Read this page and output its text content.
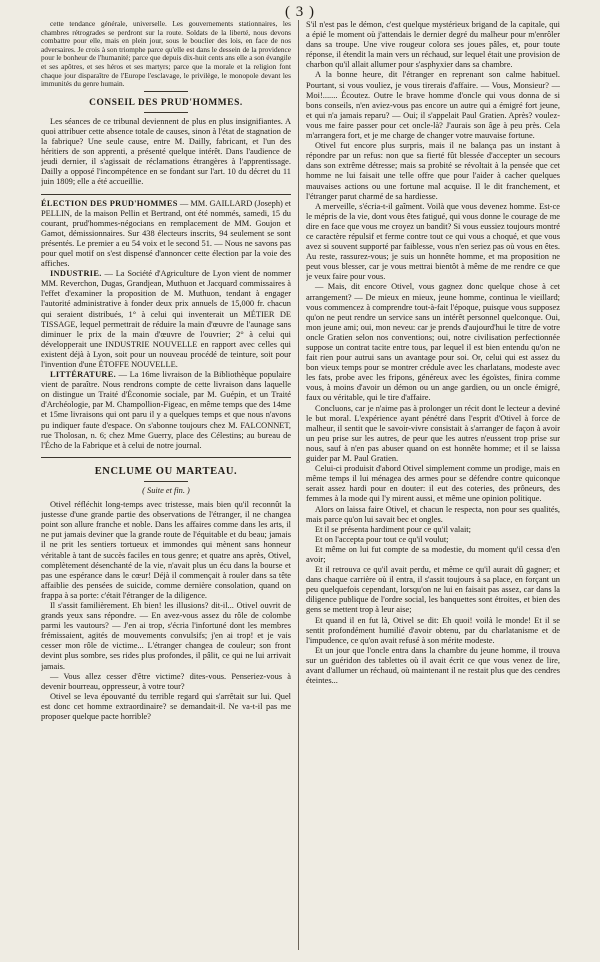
( 3 )

cette tendance générale, universelle. Les gouvernements stationnaires, les chambres rétrogrades se perdront sur la route. Soldats de la liberté, nous devons combattre pour elle, mais en plein jour, sous le bouclier des lois, en face de nos adversaires. Je crois à son triomphe parce qu'elle est dans le dessein de la providence pour le bonheur de l'humanité; parce que depuis dix-huit cents ans elle a son évangile et ses apôtres, et ses héros et ses martyrs; parce que la morale et la religion font chaque jour disparaître de l'Europe l'esclavage, le privilège, le monopole devant les immunités du genre humain.

CONSEIL DES PRUD'HOMMES.

Les séances de ce tribunal deviennent de plus en plus insignifiantes. A quoi attribuer cette absence totale de causes, sinon à l'état de stagnation de la fabrique? Une seule cause, entre M. Dailly, fabricant, et l'un des héritiers de son apprenti, a présenté quelque intérêt. Dans l'audience de jeudi dernier, il s'agissait de réclamations étrangères à l'apprentissage. Dailly a opposé l'incompétence en se fondant sur l'art. 10 du décret du 11 juin 1809; elle a été accueillie.

ÉLECTION DES PRUD'HOMMES — MM. GAILLARD (Joseph) et PELLIN, de la maison Pellin et Bertrand, ont été nommés, samedi, 15 du courant, prud'hommes-négocians en remplacement de MM. Goujon et Gamot, démissionnaires. Sur 438 électeurs inscrits, 94 seulement se sont présentés. Le premier a eu 54 voix et le second 51. — Nous ne savons pas pour quel motif on s'est dispensé d'annoncer cette élection par la voie des affiches.

INDUSTRIE. — La Société d'Agriculture de Lyon vient de nommer MM. Reverchon, Dugas, Grandjean, Muthuon et Jacquard commissaires à l'effet d'examiner la proposition de M. Muthuon, tendant à engager l'autorité administrative à fonder deux prix annuels de 15,000 fr. chacun qui seraient distribués, 1° à celui qui inventerait un MÉTIER DE TISSAGE, lequel permettrait de réduire la main d'œuvre de l'aunage sans diminuer le prix de la main d'œuvre de l'ouvrier; 2° à celui qui développerait une INDUSTRIE NOUVELLE en rapport avec celles qui existent déjà à Lyon, soit pour un nouveau procédé de teinture, soit pour l'invention d'une ÉTOFFE NOUVELLE.

LITTÉRATURE. — La 16me livraison de la Bibliothèque populaire vient de paraître. Nous rendrons compte de cette livraison dans laquelle on distingue un Traité d'Économie sociale, par M. Guépin, et un Traité d'Archéologie, par M. Champollion-Figeac, en même temps que des 14me et 15me livraisons qui ont paru il y a quelques temps et que nous n'avons pu indiquer faute d'espace. On s'abonne toujours chez M. FALCONNET, rue Tholosan, n. 6; chez Mme Guerry, place des Célestins; au bureau de l'Écho de la Fabrique et à celui de notre journal.

ENCLUME OU MARTEAU.
( Suite et fin. )

Otivel réfléchit long-temps avec tristesse, mais bien qu'il reconnût la justesse d'une grande partie des observations de l'étranger, il ne changea point son allure franche et noble. Dans les affaires comme dans les arts, il ne put jamais deviner que la grande route de l'équitable et du beau; jamais il ne prit les sentiers tortueux et immondes qui mènent sans honneur véritable à tant de succès faciles en tous genre; et quatre ans après, Otivel, complètement désenchanté de la vie, n'avait plus un écu dans la bourse et pas une espérance dans le cœur! Déjà il commençait à rouler dans sa tête affaiblie des pensées de suicide, comme dernière consolation, quand on frappa à sa porte: c'était l'étranger de la diligence.

Il s'assit familièrement. Eh bien! les illusions? dit-il... Otivel ouvrit de grands yeux sans répondre. — En avez-vous assez du rôle de colombe parmi les vautours? — J'en ai trop, s'écria l'infortuné dont les membres frémissaient, agités de mouvements convulsifs; j'en ai trop! et je vais cesser mon rôle de victime... L'étranger changea de couleur; son front devint plus sombre, ses rides plus profondes, il pâlit, ce qui ne lui arrivait jamais.

— Vous allez cesser d'être victime? dites-vous. Penseriez-vous à devenir bourreau, oppresseur, à votre tour?

Otivel se leva épouvanté du terrible regard qui s'arrêtait sur lui. Quel est donc cet homme extraordinaire? se demandait-il. Ne va-t-il pas me proposer quelque pacte horrible?

S'il n'est pas le démon, c'est quelque mystérieux brigand de la capitale, qui a épié le moment où j'attendais le dernier degré du malheur pour m'enrôler dans sa troupe. Une vive rougeur colora ses joues pâles, et, pour toute réponse, il étendit la main vers un réchaud, sur lequel était une provision de charbon qu'il allait allumer pour s'asphyxier dans sa chambre.

A la bonne heure, dit l'étranger en reprenant son calme habituel. Pourtant, si vous vouliez, je vous tirerais d'affaire. — Vous, Monsieur? — Moi!....... Écoutez. Outre le brave homme d'oncle qui vous donna de si bons conseils, n'en aviez-vous pas encore un autre qui a émigré fort jeune, et qui n'a jamais reparu? — Oui; il s'appelait Paul Gratien. Après? voulez-vous me faire passer pour cet oncle-là? J'aurais son âge à peu près. Cela m'arrangera fort, et je me charge de changer votre mauvaise fortune.

Otivel fut encore plus surpris, mais il ne balança pas un instant à répondre par un refus: non que sa fierté fût blessée d'accepter un secours dans son extrême détresse; mais sa probité se révoltait à la pensée que cet homme ne lui faisait une telle offre que pour l'aider à cacher quelques mauvaises actions ou une fortune mal acquise. Il le dit franchement, et l'étranger parut charmé de sa hardiesse.

A merveille, s'écria-t-il gaîment. Voilà que vous devenez homme. Est-ce le mépris de la vie, dont vous êtes fatigué, qui vous donne le courage de me dire en face que vous me croyez un bandit? Si vous eussiez toujours montré ce caractère répulsif et ferme contre tout ce qui vous a choqué, et que vous avez si souvent supporté par faiblesse, vous n'en seriez pas où vous en êtes. Au reste, rassurez-vous; je suis un honnête homme, et ma proposition ne peut vous blesser, car je vous mettrai bientôt à même de me rendre ce que je veux faire pour vous.

— Mais, dit encore Otivel, vous gagnez donc quelque chose à cet arrangement? — De mieux en mieux, jeune homme, continua le vieillard; vous commencez à comprendre tout-à-fait l'époque, puisque vous supposez qu'on ne peut rendre un service sans un intérêt personnel quelconque. Oui, mon jeune ami; oui, mon neveu: car je prends d'aujourd'hui le titre de votre oncle Gratien selon nos conventions; oui, notre civilisation perfectionnée suppose un contrat tacite entre tous, par lequel il est bien entendu qu'on ne fait rien pour autrui sans un avantage pour soi. Or, celui qui est assez du bon vieux temps pour se montrer crédule avec les charlatans, modeste avec les fats, probe avec les fripons, généreux avec les égoïstes, finira comme vous, à moins d'avoir un démon ou un ange gardien, ou un oncle émigré, faux ou véritable, qui le tire d'affaire.

Concluons, car je n'aime pas à prolonger un récit dont le lecteur a deviné le but moral. L'expérience ayant pénétré dans l'esprit d'Otivel à force de malheur, il sentit que le savoir-vivre consistait à s'arranger de façon à avoir un peu prise sur les autres, de peur que les autres n'eussent trop prise sur nous, sauf à n'en pas abuser quand on est honnête homme; et il se laissa guider par M. Paul Gratien.

Celui-ci produisit d'abord Otivel simplement comme un prodige, mais en même temps il lui ménagea des armes pour se défendre contre quiconque serait assez hardi pour en douter: il eut des coteries, des prôneurs, des femmes à la mode qui l'y mirent aussi, et même une opinion politique.

Alors on laissa faire Otivel, et chacun le respecta, non pour ses qualités, mais parce qu'on lui savait bec et ongles.

Et il se présenta hardiment pour ce qu'il valait;

Et on l'accepta pour tout ce qu'il voulut;

Et même on lui fut compte de sa modestie, du moment qu'il cessa d'en avoir;

Et il retrouva ce qu'il avait perdu, et même ce qu'il aurait dû gagner; et dans chaque carrière où il entra, il s'assit toujours à sa place, en forçant un peu quelquefois cependant, lorsqu'on ne lui en faisait pas assez, car dans la diligence publique de l'ordre social, les banquettes sont étroites, et bien des gens se mettent trop à leur aise;

Et quand il en fut là, Otivel se dit: Eh quoi! voilà le monde! Et il se sentit profondément humilié d'avoir obtenu, par du charlatanisme et de l'impudence, ce qu'on avait refusé à son mérite modeste.

Et un jour que l'oncle entra dans la chambre du jeune homme, il trouva sur un guéridon des tablettes où il avait écrit ce que vous venez de lire, avant d'allumer un réchaud, où maintenant il ne restait plus que des cendres éteintes...
